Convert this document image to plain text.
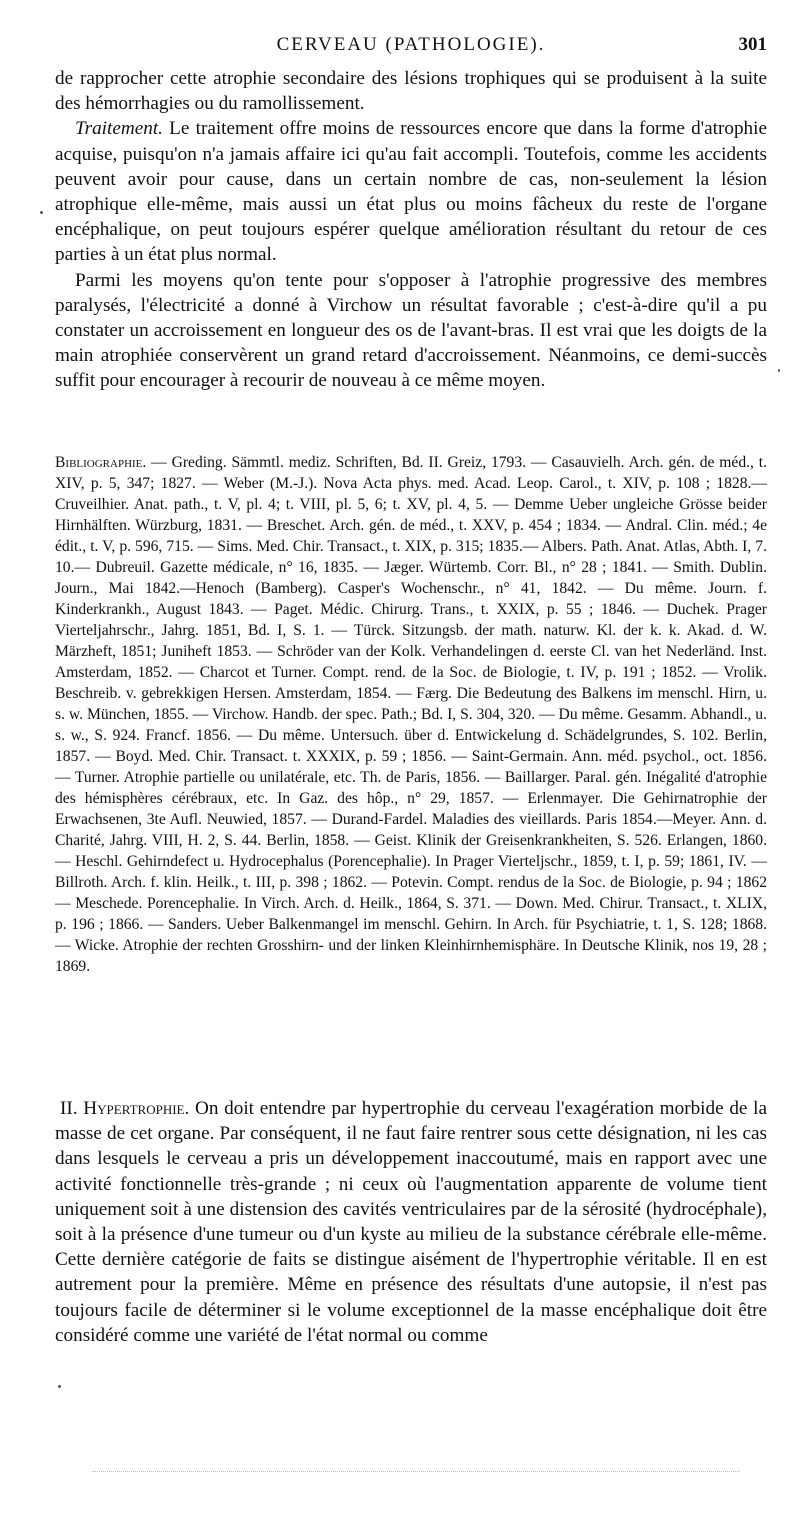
CERVEAU (PATHOLOGIE).	301

de rapprocher cette atrophie secondaire des lésions trophiques qui se produisent à la suite des hémorrhagies ou du ramollissement.

Traitement. Le traitement offre moins de ressources encore que dans la forme d'atrophie acquise, puisqu'on n'a jamais affaire ici qu'au fait accompli. Toutefois, comme les accidents peuvent avoir pour cause, dans un certain nombre de cas, non-seulement la lésion atrophique elle-même, mais aussi un état plus ou moins fâcheux du reste de l'organe encéphalique, on peut toujours espérer quelque amélioration résultant du retour de ces parties à un état plus normal.

Parmi les moyens qu'on tente pour s'opposer à l'atrophie progressive des membres paralysés, l'électricité a donné à Virchow un résultat favorable ; c'est-à-dire qu'il a pu constater un accroissement en longueur des os de l'avant-bras. Il est vrai que les doigts de la main atrophiée conservèrent un grand retard d'accroissement. Néanmoins, ce demi-succès suffit pour encourager à recourir de nouveau à ce même moyen.

Bibliographie. — Greding. Sämmtl. mediz. Schriften, Bd. II. Greiz, 1793. — Casauvielh. Arch. gén. de méd., t. XIV, p. 5, 347; 1827. — Weber (M.-J.). Nova Acta phys. med. Acad. Leop. Carol., t. XIV, p. 108 ; 1828.— Cruveilhier. Anat. path., t. V, pl. 4; t. VIII, pl. 5, 6; t. XV, pl. 4, 5. — Demme Ueber ungleiche Grösse beider Hirnhälften. Würzburg, 1831. — Breschet. Arch. gén. de méd., t. XXV, p. 454 ; 1834. — Andral. Clin. méd.; 4e édit., t. V, p. 596, 715. — Sims. Med. Chir. Transact., t. XIX, p. 315; 1835.— Albers. Path. Anat. Atlas, Abth. I, 7. 10.— Dubreuil. Gazette médicale, n° 16, 1835. — Jæger. Würtemb. Corr. Bl., n° 28 ; 1841. — Smith. Dublin. Journ., Mai 1842.—Henoch (Bamberg). Casper's Wochenschr., n° 41, 1842. — Du même. Journ. f. Kinderkrankh., August 1843. — Paget. Médic. Chirurg. Trans., t. XXIX, p. 55 ; 1846. — Duchek. Prager Vierteljahrschr., Jahrg. 1851, Bd. I, S. 1. — Türck. Sitzungsb. der math. naturw. Kl. der k. k. Akad. d. W. Märzheft, 1851; Juniheft 1853. — Schröder van der Kolk. Verhandelingen d. eerste Cl. van het Nederländ. Inst. Amsterdam, 1852. — Charcot et Turner. Compt. rend. de la Soc. de Biologie, t. IV, p. 191 ; 1852. — Vrolik. Beschreib. v. gebrekkigen Hersen. Amsterdam, 1854. — Færg. Die Bedeutung des Balkens im menschl. Hirn, u. s. w. München, 1855. — Virchow. Handb. der spec. Path.; Bd. I, S. 304, 320. — Du même. Gesamm. Abhandl., u. s. w., S. 924. Francf. 1856. — Du même. Untersuch. über d. Entwickelung d. Schädelgrundes, S. 102. Berlin, 1857. — Boyd. Med. Chir. Transact. t. XXXIX, p. 59 ; 1856. — Saint-Germain. Ann. méd. psychol., oct. 1856. — Turner. Atrophie partielle ou unilatérale, etc. Th. de Paris, 1856. — Baillarger. Paral. gén. Inégalité d'atrophie des hémisphères cérébraux, etc. In Gaz. des hôp., n° 29, 1857. — Erlenmayer. Die Gehirnatrophie der Erwachsenen, 3te Aufl. Neuwied, 1857. — Durand-Fardel. Maladies des vieillards. Paris 1854.—Meyer. Ann. d. Charité, Jahrg. VIII, H. 2, S. 44. Berlin, 1858. — Geist. Klinik der Greisenkrankheiten, S. 526. Erlangen, 1860. — Heschl. Gehirndefect u. Hydrocephalus (Porencephalie). In Prager Vierteljschr., 1859, t. I, p. 59; 1861, IV. — Billroth. Arch. f. klin. Heilk., t. III, p. 398 ; 1862. — Potevin. Compt. rendus de la Soc. de Biologie, p. 94 ; 1862 — Meschede. Porencephalie. In Virch. Arch. d. Heilk., 1864, S. 371. — Down. Med. Chirur. Transact., t. XLIX, p. 196 ; 1866. — Sanders. Ueber Balkenmangel im menschl. Gehirn. In Arch. für Psychiatrie, t. 1, S. 128; 1868. — Wicke. Atrophie der rechten Grosshirn- und der linken Kleinhirnhemisphäre. In Deutsche Klinik, nos 19, 28 ; 1869.
II. Hypertrophie. On doit entendre par hypertrophie du cerveau l'exagération morbide de la masse de cet organe. Par conséquent, il ne faut faire rentrer sous cette désignation, ni les cas dans lesquels le cerveau a pris un développement inaccoutumé, mais en rapport avec une activité fonctionnelle très-grande ; ni ceux où l'augmentation apparente de volume tient uniquement soit à une distension des cavités ventriculaires par de la sérosité (hydrocéphale), soit à la présence d'une tumeur ou d'un kyste au milieu de la substance cérébrale elle-même. Cette dernière catégorie de faits se distingue aisément de l'hypertrophie véritable. Il en est autrement pour la première. Même en présence des résultats d'une autopsie, il n'est pas toujours facile de déterminer si le volume exceptionnel de la masse encéphalique doit être considéré comme une variété de l'état normal ou comme
